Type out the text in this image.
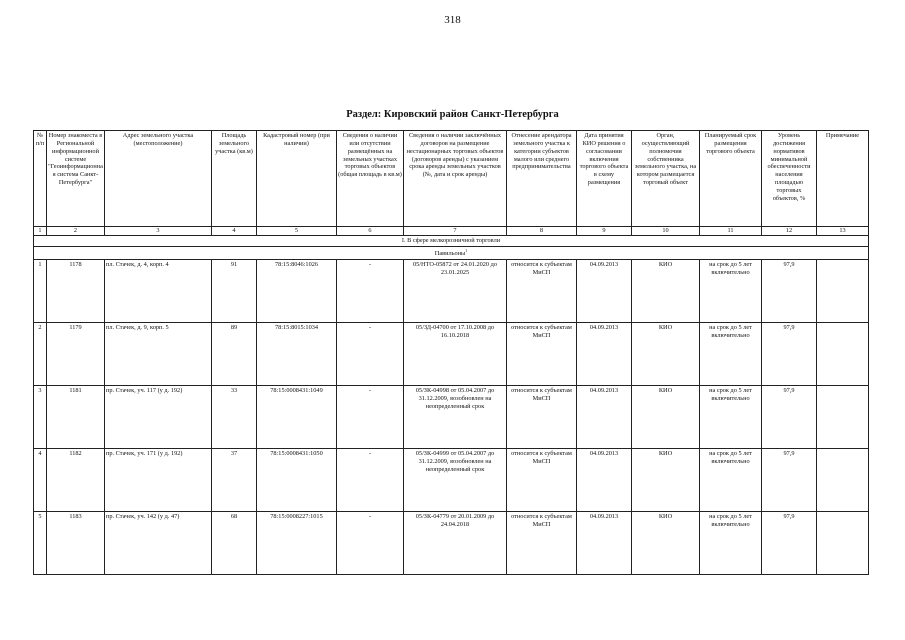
318
Раздел: Кировский район Санкт-Петербурга
№ п/п	Номер знакоместа в Региональной информационной системе "Геоинформационная система Санкт-Петербурга"	Адрес земельного участка (местоположение)	Площадь земельного участка (кв.м)	Кадастровый номер (при наличии)	Сведения о наличии или отсутствии размещённых на земельных участках торговых объектов (общая площадь в кв.м)	Сведения о наличии заключённых договоров на размещение нестационарных торговых объектов (договоров аренды) с указанием срока аренды земельных участков (№, дата и срок аренды)	Отнесение арендатора земельного участка к категории субъектов малого или среднего предпринимательства	Дата принятия КИО решения о согласовании включения торгового объекта в схему размещения	Орган, осуществляющий полномочия собственника земельного участка, на котором размещается торговый объект	Планируемый срок размещения торгового объекта	Уровень достижения нормативов минимальной обеспеченности населения площадью торговых объектов, %	Примечание
1	2	3	4	5	6	7	8	9	10	11	12	13
I. В сфере мелкорозничной торговли												
Павильоны$^1$
1	1178	пл. Стачек, д. 4, корп. 4	91	78:15:8046:1026	-	05/НТО-05872 от 24.01.2020 до 23.01.2025	относится к субъектам МиСП	04.09.2013	КИО	на срок до 5 лет включительно	97,9	
2	1179	пл. Стачек, д. 9, корп. 5	89	78:15:8015:1034	-	05/ЗД-04700 от 17.10.2008 до 16.10.2018	относится к субъектам МиСП	04.09.2013	КИО	на срок до 5 лет включительно	97,9	
3	1181	пр. Стачек, уч. 117 (у д. 192)	33	78:15:0008431:1049	-	05/ЗК-04998 от 05.04.2007 до 31.12.2009, возобновлен на неопределенный срок	относится к субъектам МиСП	04.09.2013	КИО	на срок до 5 лет включительно	97,9	
4	1182	пр. Стачек, уч. 171 (у д. 192)	37	78:15:0008431:1050	-	05/ЗК-04999 от 05.04.2007 до 31.12.2009, возобновлен на неопределенный срок	относится к субъектам МиСП	04.09.2013	КИО	на срок до 5 лет включительно	97,9	
5	1183	пр. Стачек, уч. 142 (у д. 47)	68	78:15:0008227:1015	-	05/ЗК-04779 от 20.01.2009 до 24.04.2018	относится к субъектам МиСП	04.09.2013	КИО	на срок до 5 лет включительно	97,9	
